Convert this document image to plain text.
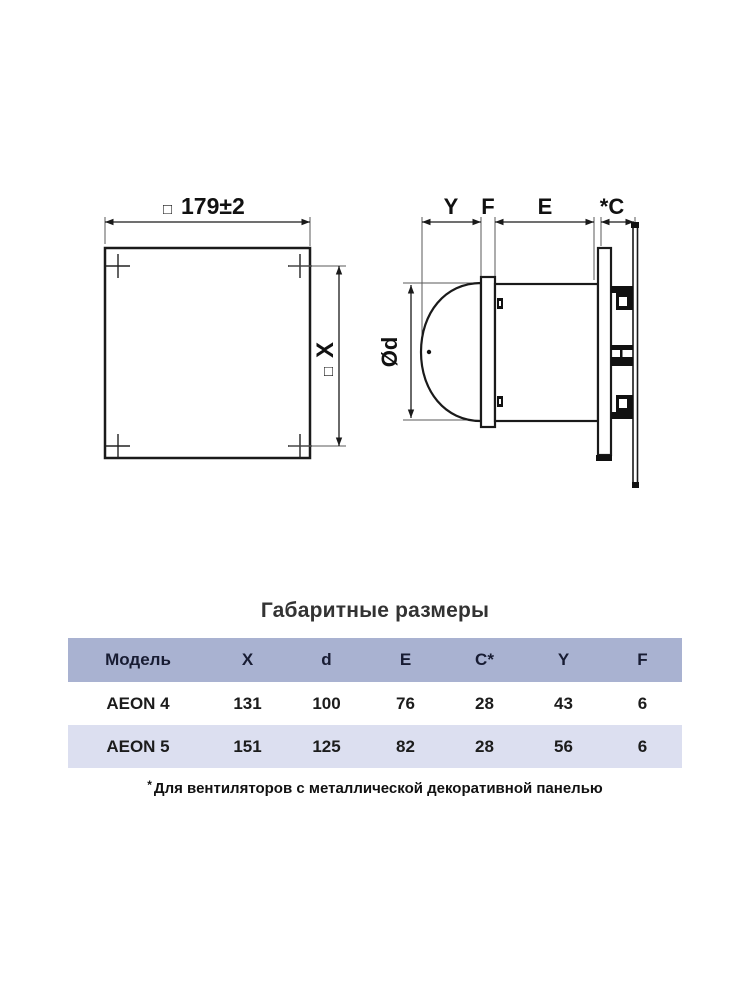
□ 179±2
□ X
Y F E *C
Ød
Габаритные размеры
Модель	X	d	E	C*	Y	F
AEON 4	131	100	76	28	43	6
AEON 5	151	125	82	28	56	6
* Для вентиляторов с металлической декоративной панелью
